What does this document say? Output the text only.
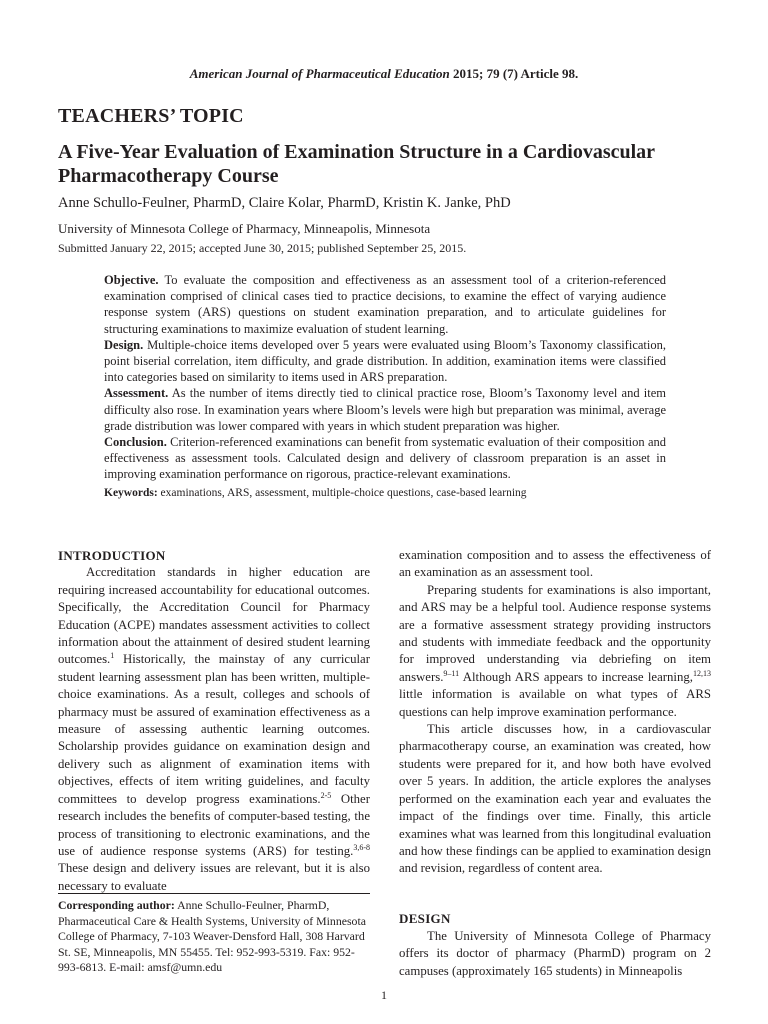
American Journal of Pharmaceutical Education 2015; 79 (7) Article 98.
TEACHERS’ TOPIC
A Five-Year Evaluation of Examination Structure in a Cardiovascular Pharmacotherapy Course
Anne Schullo-Feulner, PharmD, Claire Kolar, PharmD, Kristin K. Janke, PhD
University of Minnesota College of Pharmacy, Minneapolis, Minnesota
Submitted January 22, 2015; accepted June 30, 2015; published September 25, 2015.

Objective. To evaluate the composition and effectiveness as an assessment tool of a criterion-referenced examination comprised of clinical cases tied to practice decisions, to examine the effect of varying audience response system (ARS) questions on student examination preparation, and to articulate guidelines for structuring examinations to maximize evaluation of student learning.

Design. Multiple-choice items developed over 5 years were evaluated using Bloom’s Taxonomy classification, point biserial correlation, item difficulty, and grade distribution. In addition, examination items were classified into categories based on similarity to items used in ARS preparation.

Assessment. As the number of items directly tied to clinical practice rose, Bloom’s Taxonomy level and item difficulty also rose. In examination years where Bloom’s levels were high but preparation was minimal, average grade distribution was lower compared with years in which student preparation was higher.

Conclusion. Criterion-referenced examinations can benefit from systematic evaluation of their composition and effectiveness as assessment tools. Calculated design and delivery of classroom preparation is an asset in improving examination performance on rigorous, practice-relevant examinations.

Keywords: examinations, ARS, assessment, multiple-choice questions, case-based learning

INTRODUCTION

Accreditation standards in higher education are requiring increased accountability for educational outcomes. Specifically, the Accreditation Council for Pharmacy Education (ACPE) mandates assessment activities to collect information about the attainment of desired student learning outcomes.$^1$ Historically, the mainstay of any curricular student learning assessment plan has been written, multiple-choice examinations. As a result, colleges and schools of pharmacy must be assured of examination effectiveness as a measure of assessing authentic learning outcomes. Scholarship provides guidance on examination design and delivery such as alignment of examination items with objectives, effects of item writing guidelines, and faculty committees to develop progress examinations.$^{2-5}$ Other research includes the benefits of computer-based testing, the process of transitioning to electronic examinations, and the use of audience response systems (ARS) for testing.$^{3,6-8}$ These design and delivery issues are relevant, but it is also necessary to evaluate

examination composition and to assess the effectiveness of an examination as an assessment tool.

Preparing students for examinations is also important, and ARS may be a helpful tool. Audience response systems are a formative assessment strategy providing instructors and students with immediate feedback and the opportunity for improved understanding via debriefing on item answers.$^{9-11}$ Although ARS appears to increase learning,$^{12,13}$ little information is available on what types of ARS questions can help improve examination performance.

This article discusses how, in a cardiovascular pharmacotherapy course, an examination was created, how students were prepared for it, and how both have evolved over 5 years. In addition, the article explores the analyses performed on the examination each year and evaluates the impact of the findings over time. Finally, this article examines what was learned from this longitudinal evaluation and how these findings can be applied to examination design and revision, regardless of content area.

Corresponding author: Anne Schullo-Feulner, PharmD, Pharmaceutical Care & Health Systems, University of Minnesota College of Pharmacy, 7-103 Weaver-Densford Hall, 308 Harvard St. SE, Minneapolis, MN 55455. Tel: 952-993-5319. Fax: 952-993-6813. E-mail: amsf@umn.edu
DESIGN

The University of Minnesota College of Pharmacy offers its doctor of pharmacy (PharmD) program on 2 campuses (approximately 165 students) in Minneapolis

1
